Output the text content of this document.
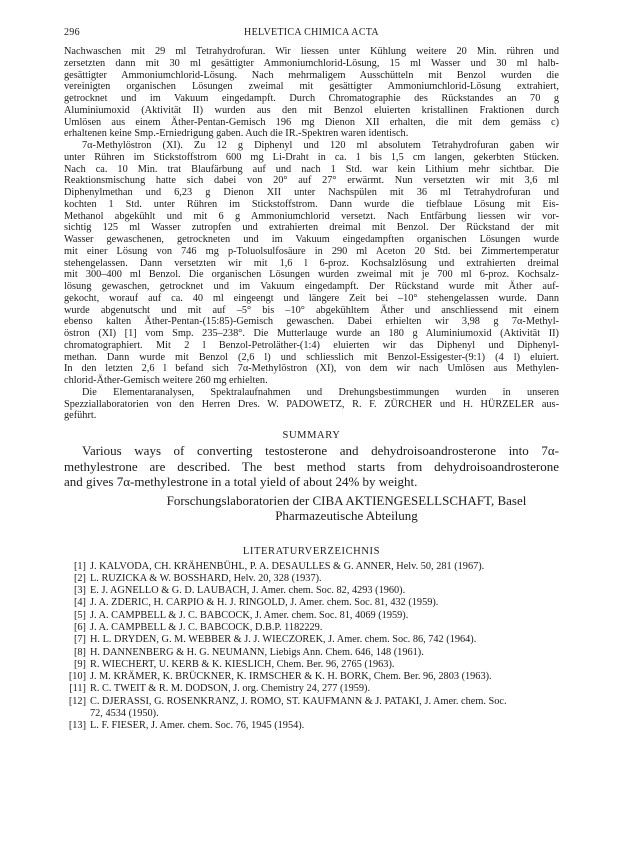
296	HELVETICA CHIMICA ACTA
Nachwaschen mit 29 ml Tetrahydrofuran. Wir liessen unter Kühlung weitere 20 Min. rühren und
zersetzten dann mit 30 ml gesättigter Ammoniumchlorid-Lösung, 15 ml Wasser und 30 ml halb-
gesättigter Ammoniumchlorid-Lösung. Nach mehrmaligem Ausschütteln mit Benzol wurden die
vereinigten organischen Lösungen zweimal mit gesättigter Ammoniumchlorid-Lösung extrahiert,
getrocknet und im Vakuum eingedampft. Durch Chromatographie des Rückstandes an 70 g
Aluminiumoxid (Aktivität II) wurden aus den mit Benzol eluierten kristallinen Fraktionen durch
Umlösen aus einem Äther-Pentan-Gemisch 196 mg Dienon XII erhalten, die mit dem gemäss c)
erhaltenen keine Smp.-Erniedrigung gaben. Auch die IR.-Spektren waren identisch.
7α-Methylöstron (XI). Zu 12 g Diphenyl und 120 ml absolutem Tetrahydrofuran gaben wir
unter Rühren im Stickstoffstrom 600 mg Li-Draht in ca. 1 bis 1,5 cm langen, gekerbten Stücken.
Nach ca. 10 Min. trat Blaufärbung auf und nach 1 Std. war kein Lithium mehr sichtbar. Die
Reaktionsmischung hatte sich dabei von 20° auf 27° erwärmt. Nun versetzten wir mit 3,6 ml
Diphenylmethan und 6,23 g Dienon XII unter Nachspülen mit 36 ml Tetrahydrofuran und
kochten 1 Std. unter Rühren im Stickstoffstrom. Dann wurde die tiefblaue Lösung mit Eis-
Methanol abgekühlt und mit 6 g Ammoniumchlorid versetzt. Nach Entfärbung liessen wir vor-
sichtig 125 ml Wasser zutropfen und extrahierten dreimal mit Benzol. Der Rückstand der mit
Wasser gewaschenen, getrockneten und im Vakuum eingedampften organischen Lösungen wurde
mit einer Lösung von 746 mg p-Toluolsulfosäure in 290 ml Aceton 20 Std. bei Zimmertemperatur
stehengelassen. Dann versetzten wir mit 1,6 l 6-proz. Kochsalzlösung und extrahierten dreimal
mit 300–400 ml Benzol. Die organischen Lösungen wurden zweimal mit je 700 ml 6-proz. Kochsalz-
lösung gewaschen, getrocknet und im Vakuum eingedampft. Der Rückstand wurde mit Äther auf-
gekocht, worauf auf ca. 40 ml eingeengt und längere Zeit bei –10° stehengelassen wurde. Dann
wurde abgenutscht und mit auf –5° bis –10° abgekühltem Äther und anschliessend mit einem
ebenso kalten Äther-Pentan-(15:85)-Gemisch gewaschen. Dabei erhielten wir 3,98 g 7α-Methyl-
östron (XI) [1] vom Smp. 235–238°. Die Mutterlauge wurde an 180 g Aluminiumoxid (Aktivität II)
chromatographiert. Mit 2 l Benzol-Petroläther-(1:4) eluierten wir das Diphenyl und Diphenyl-
methan. Dann wurde mit Benzol (2,6 l) und schliesslich mit Benzol-Essigester-(9:1) (4 l) eluiert.
In den letzten 2,6 l befand sich 7α-Methylöstron (XI), von dem wir nach Umlösen aus Methylen-
chlorid-Äther-Gemisch weitere 260 mg erhielten.
Die Elementaranalysen, Spektralaufnahmen und Drehungsbestimmungen wurden in unseren
Spezziallaboratorien von den Herren Dres. W. PADOWETZ, R. F. ZÜRCHER und H. HÜRZELER aus-
geführt.
SUMMARY
Various ways of converting testosterone and dehydroisoandrosterone into 7α-
methylestrone are described. The best method starts from dehydroisoandrosterone
and gives 7α-methylestrone in a total yield of about 24% by weight.
Forschungslaboratorien der CIBA AKTIENGESELLSCHAFT, Basel
Pharmazeutische Abteilung
LITERATURVERZEICHNIS
[1] J. KALVODA, CH. KRÄHENBÜHL, P. A. DESAULLES & G. ANNER, Helv. 50, 281 (1967).
[2] L. RUZICKA & W. BOSSHARD, Helv. 20, 328 (1937).
[3] E. J. AGNELLO & G. D. LAUBACH, J. Amer. chem. Soc. 82, 4293 (1960).
[4] J. A. ZDERIC, H. CARPIO & H. J. RINGOLD, J. Amer. chem. Soc. 81, 432 (1959).
[5] J. A. CAMPBELL & J. C. BABCOCK, J. Amer. chem. Soc. 81, 4069 (1959).
[6] J. A. CAMPBELL & J. C. BABCOCK, D.B.P. 1182229.
[7] H. L. DRYDEN, G. M. WEBBER & J. J. WIECZOREK, J. Amer. chem. Soc. 86, 742 (1964).
[8] H. DANNENBERG & H. G. NEUMANN, Liebigs Ann. Chem. 646, 148 (1961).
[9] R. WIECHERT, U. KERB & K. KIESLICH, Chem. Ber. 96, 2765 (1963).
[10] J. M. KRÄMER, K. BRÜCKNER, K. IRMSCHER & K. H. BORK, Chem. Ber. 96, 2803 (1963).
[11] R. C. TWEIT & R. M. DODSON, J. org. Chemistry 24, 277 (1959).
[12] C. DJERASSI, G. ROSENKRANZ, J. ROMO, ST. KAUFMANN & J. PATAKI, J. Amer. chem. Soc.
72, 4534 (1950).
[13] L. F. FIESER, J. Amer. chem. Soc. 76, 1945 (1954).
